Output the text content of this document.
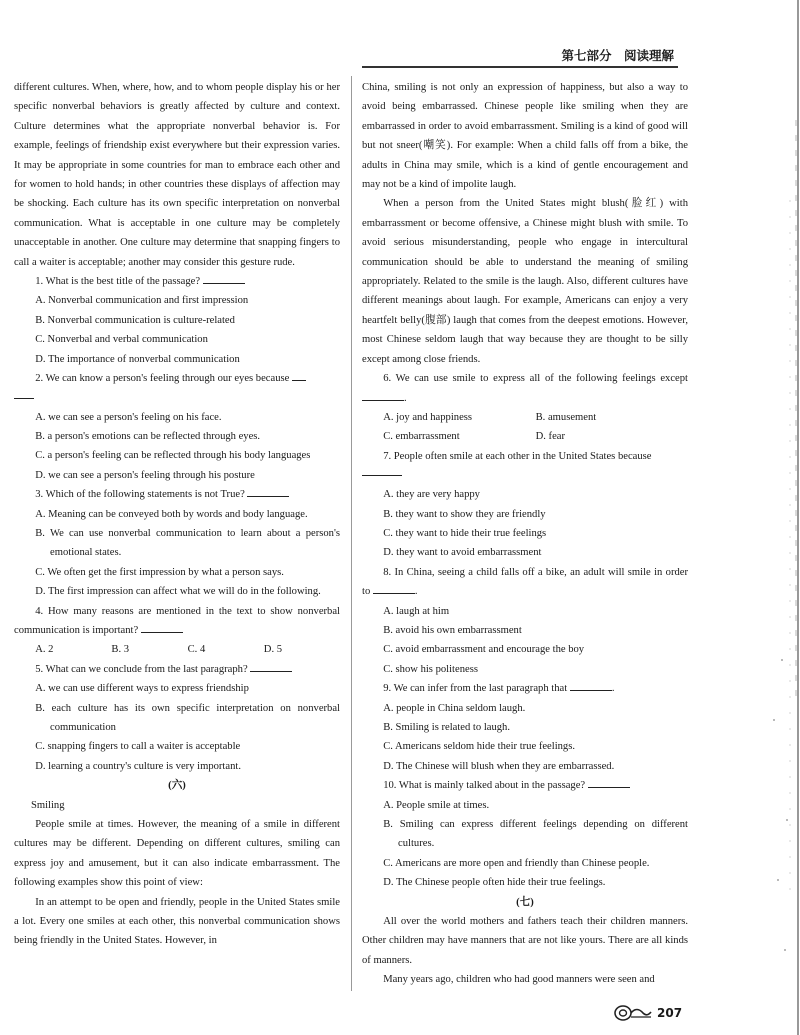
第七部分　阅读理解

different cultures. When, where, how, and to whom people display his or her specific nonverbal behaviors is greatly affected by culture and context. Culture determines what the appropriate nonverbal behavior is. For example, feelings of friendship exist everywhere but their expression varies. It may be appropriate in some countries for man to embrace each other and for women to hold hands; in other countries these displays of affection may be shocking. Each culture has its own specific interpretation on nonverbal communication. What is acceptable in one culture may be completely unacceptable in another. One culture may determine that snapping fingers to call a waiter is acceptable; another may consider this gesture rude.

1. What is the best title of the passage?

A. Nonverbal communication and first impression

B. Nonverbal communication is culture-related

C. Nonverbal and verbal communication

D. The importance of nonverbal communication

2. We can know a person's feeling through our eyes because

A. we can see a person's feeling on his face.

B. a person's emotions can be reflected through eyes.

C. a person's feeling can be reflected through his body languages

D. we can see a person's feeling through his posture

3. Which of the following statements is not True?

A. Meaning can be conveyed both by words and body language.

B. We can use nonverbal communication to learn about a person's emotional states.

C. We often get the first impression by what a person says.

D. The first impression can affect what we will do in the following.

4. How many reasons are mentioned in the text to show nonverbal communication is important?

A. 2	B. 3	C. 4	D. 5

5. What can we conclude from the last paragraph?

A. we can use different ways to express friendship

B. each culture has its own specific interpretation on nonverbal communication

C. snapping fingers to call a waiter is acceptable

D. learning a country's culture is very important.

(六)

Smiling

People smile at times. However, the meaning of a smile in different cultures may be different. Depending on different cultures, smiling can express joy and amusement, but it can also indicate embarrassment. The following examples show this point of view:

In an attempt to be open and friendly, people in the United States smile a lot. Every one smiles at each other, this nonverbal communication shows being friendly in the United States. However, in

China, smiling is not only an expression of happiness, but also a way to avoid being embarrassed. Chinese people like smiling when they are embarrassed in order to avoid embarrassment. Smiling is a kind of good will but not sneer(嘲笑). For example: When a child falls off from a bike, the adults in China may smile, which is a kind of gentle encouragement and may not be a kind of impolite laugh.

When a person from the United States might blush(脸红) with embarrassment or become offensive, a Chinese might blush with smile. To avoid serious misunderstanding, people who engage in intercultural communication should be able to understand the meaning of smiling appropriately. Related to the smile is the laugh. Also, different cultures have different meanings about laugh. For example, Americans can enjoy a very heartfelt belly(腹部) laugh that comes from the deepest emotions. However, most Chinese seldom laugh that way because they are thought to be silly except among close friends.

6. We can use smile to express all of the following feelings except .

A. joy and happiness	B. amusement
C. embarrassment	D. fear

7. People often smile at each other in the United States because

A. they are very happy

B. they want to show they are friendly

C. they want to hide their true feelings

D. they want to avoid embarrassment

8. In China, seeing a child falls off a bike, an adult will smile in order to	.

A. laugh at him

B. avoid his own embarrassment

C. avoid embarrassment and encourage the boy

C. show his politeness

9. We can infer from the last paragraph that	.

A. people in China seldom laugh.

B. Smiling is related to laugh.

C. Americans seldom hide their true feelings.

D. The Chinese will blush when they are embarrassed.

10. What is mainly talked about in the passage?

A. People smile at times.

B. Smiling can express different feelings depending on different cultures.

C. Americans are more open and friendly than Chinese people.

D. The Chinese people often hide their true feelings.

(七)

All over the world mothers and fathers teach their children manners. Other children may have manners that are not like yours. There are all kinds of manners.

Many years ago, children who had good manners were seen and

207
